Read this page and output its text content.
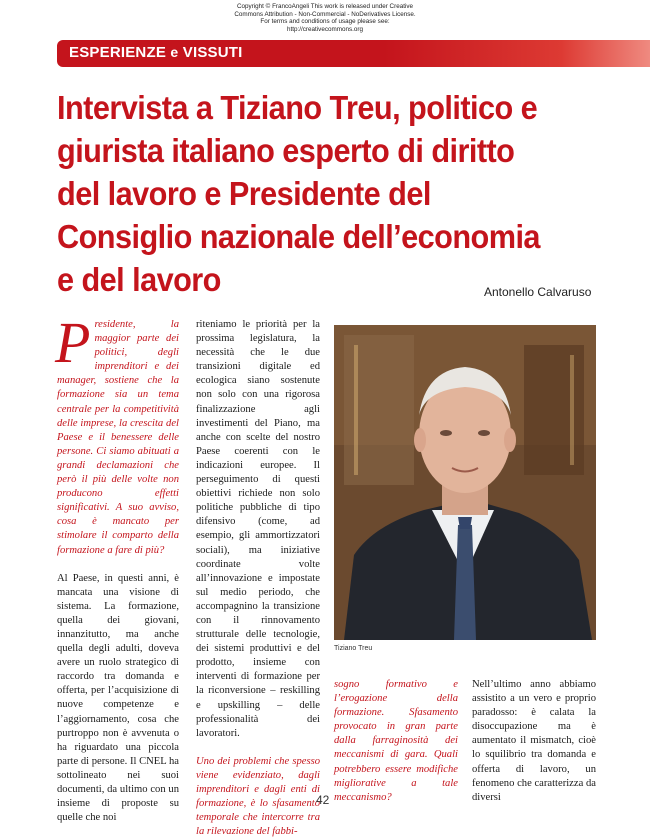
Copyright © FrancoAngeli This work is released under Creative
Commons Attribution - Non-Commercial - NoDerivatives License.
For terms and conditions of usage please see:
http://creativecommons.org
ESPERIENZE e VISSUTI
Intervista a Tiziano Treu, politico e giurista italiano esperto di diritto del lavoro e Presidente del Consiglio nazionale dell’economia e del lavoro	Antonello Calvaruso

Presidente, la maggior parte dei politici, degli imprenditori e dei manager, sostiene che la formazione sia un tema centrale per la competitività delle imprese, la crescita del Paese e il benessere delle persone. Ci siamo abituati a grandi declamazioni che però il più delle volte non producono effetti significativi. A suo avviso, cosa è mancato per stimolare il comparto della formazione a fare di più?

Al Paese, in questi anni, è mancata una visione di sistema. La formazione, quella dei giovani, innanzitutto, ma anche quella degli adulti, doveva avere un ruolo strategico di raccordo tra domanda e offerta, per l’acquisizione di nuove competenze e l’aggiornamento, cosa che purtroppo non è avvenuta o ha riguardato una piccola parte di persone. Il CNEL ha sottolineato nei suoi documenti, da ultimo con un insieme di proposte su quelle che noi

riteniamo le priorità per la prossima legislatura, la necessità che le due transizioni digitale ed ecologica siano sostenute non solo con una rigorosa finalizzazione agli investimenti del Piano, ma anche con scelte del nostro Paese coerenti con le indicazioni europee. Il perseguimento di questi obiettivi richiede non solo politiche pubbliche di tipo difensivo (come, ad esempio, gli ammortizzatori sociali), ma iniziative coordinate volte all’innovazione e impostate sul medio periodo, che accompagnino la transizione con il rinnovamento strutturale delle tecnologie, dei sistemi produttivi e del prodotto, insieme con interventi di formazione per la riconversione – reskilling e upskilling – delle professionalità dei lavoratori.

Uno dei problemi che spesso viene evidenziato, dagli imprenditori e dagli enti di formazione, è lo sfasamento temporale che intercorre tra la rilevazione del fabbi-

Tiziano Treu

sogno formativo e l’erogazione della formazione. Sfasamento provocato in gran parte dalla farraginosità dei meccanismi di gara. Quali potrebbero essere modifiche migliorative a tale meccanismo?

Nell’ultimo anno abbiamo assistito a un vero e proprio paradosso: è calata la disoccupazione ma è aumentato il mismatch, cioè lo squilibrio tra domanda e offerta di lavoro, un fenomeno che caratterizza da diversi

42
